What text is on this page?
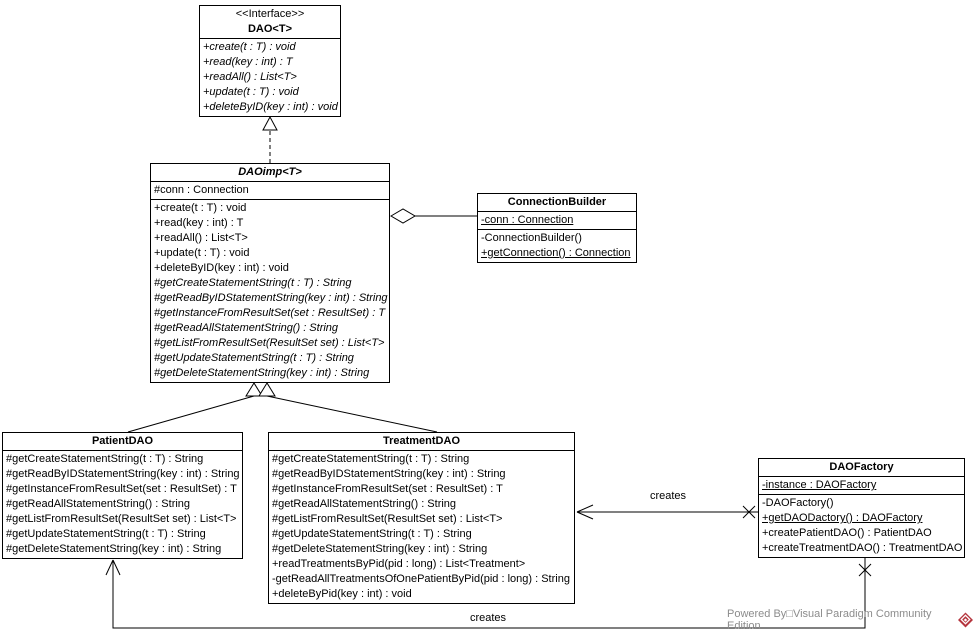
<<Interface>>
DAO<T>
+create(t : T) : void
+read(key : int) : T
+readAll() : List<T>
+update(t : T) : void
+deleteByID(key : int) : void
DAOimp<T>
#conn : Connection
+create(t : T) : void
+read(key : int) : T
+readAll() : List<T>
+update(t : T) : void
+deleteByID(key : int) : void
#getCreateStatementString(t : T) : String
#getReadByIDStatementString(key : int) : String
#getInstanceFromResultSet(set : ResultSet) : T
#getReadAllStatementString() : String
#getListFromResultSet(ResultSet set) : List<T>
#getUpdateStatementString(t : T) : String
#getDeleteStatementString(key : int) : String
ConnectionBuilder
-conn : Connection
-ConnectionBuilder()
+getConnection() : Connection
PatientDAO
#getCreateStatementString(t : T) : String
#getReadByIDStatementString(key : int) : String
#getInstanceFromResultSet(set : ResultSet) : T
#getReadAllStatementString() : String
#getListFromResultSet(ResultSet set) : List<T>
#getUpdateStatementString(t : T) : String
#getDeleteStatementString(key : int) : String
TreatmentDAO
#getCreateStatementString(t : T) : String
#getReadByIDStatementString(key : int) : String
#getInstanceFromResultSet(set : ResultSet) : T
#getReadAllStatementString() : String
#getListFromResultSet(ResultSet set) : List<T>
#getUpdateStatementString(t : T) : String
#getDeleteStatementString(key : int) : String
+readTreatmentsByPid(pid : long) : List<Treatment>
-getReadAllTreatmentsOfOnePatientByPid(pid : long) : String
+deleteByPid(key : int) : void
DAOFactory
-instance : DAOFactory
-DAOFactory()
+getDAODactory() : DAOFactory
+createPatientDAO() : PatientDAO
+createTreatmentDAO() : TreatmentDAO
creates
creates	Powered By□Visual Paradigm Community Edition
